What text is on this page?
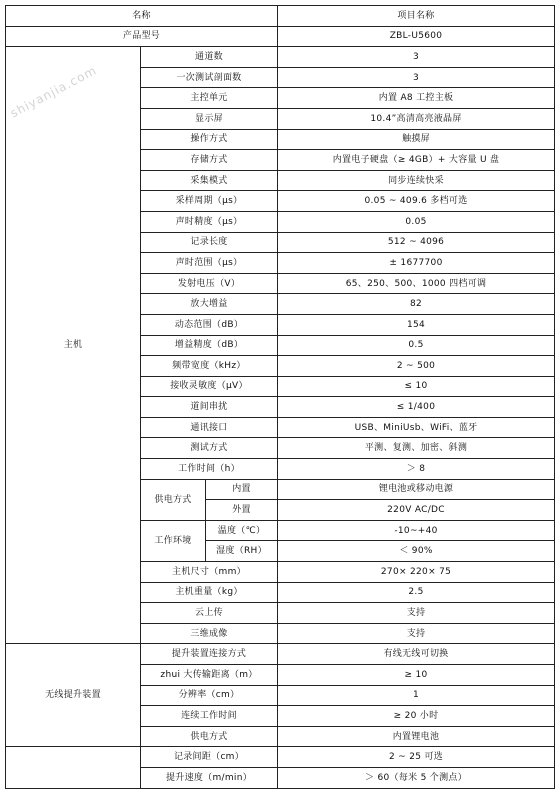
名称			项目名称
产品型号			ZBL-U5600
主机	通道数		3
	一次测试剖面数		3
	主控单元		内置 A8 工控主板
	显示屏		10.4”高清高亮液晶屏
	操作方式		触摸屏
	存储方式		内置电子硬盘（≥ 4GB）+ 大容量 U 盘
	采集模式		同步连续快采
	采样周期（µs）		0.05 ~ 409.6 多档可选
	声时精度（µs）		0.05
	记录长度		512 ~ 4096
	声时范围（µs）		± 1677700
	发射电压（V）		65、250、500、1000 四档可调
	放大增益		82
	动态范围（dB）		154
	增益精度（dB）		0.5
	频带宽度（kHz）		2 ~ 500
	接收灵敏度（µV）		≤ 10
	道间串扰		≤ 1/400
	通讯接口		USB、MiniUsb、WiFi、蓝牙
	测试方式		平测、复测、加密、斜测
	工作时间（h）		＞ 8
	供电方式	内置	锂电池或移动电源
		外置	220V AC/DC
	工作环境	温度（℃）	-10~+40
		湿度（RH）	＜ 90%
	主机尺寸（mm）		270× 220× 75
	主机重量（kg）		2.5
	云上传		支持
	三维成像		支持
无线提升装置	提升装置连接方式		有线无线可切换
	zhui 大传输距离（m）		≥ 10
	分辨率（cm）		1
	连续工作时间		≥ 20 小时
	供电方式		内置锂电池
	记录间距（cm）		2 ~ 25 可选
	提升速度（m/min）		＞ 60（每米 5 个测点）
shiyanjia.com
